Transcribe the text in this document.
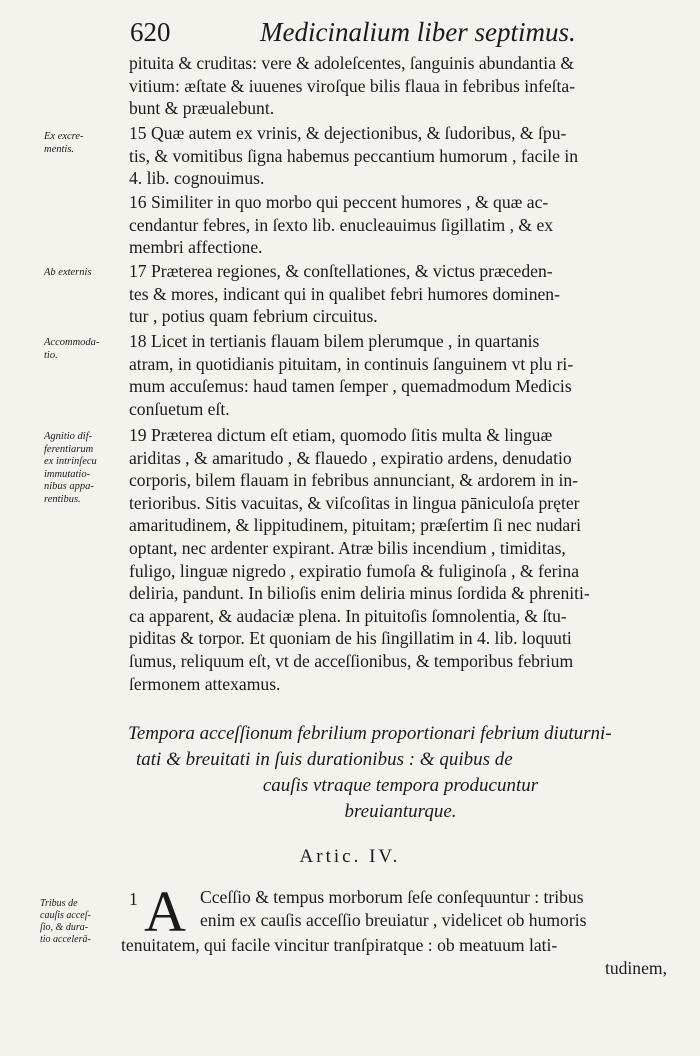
620	Medicinalium liber septimus.
pituita & cruditas: vere & adoleſcentes, ſanguinis abundantia &
vitium: æſtate & iuuenes viroſque bilis flaua in febribus infeſta-
bunt & præualebunt.
Ex excre-
mentis.
15 Quæ autem ex vrinis, & dejectionibus, & ſudoribus, & ſpu-
tis, & vomitibus ſigna habemus peccantium humorum , facile in
4. lib. cognouimus.
16 Similiter in quo morbo qui peccent humores , & quæ ac-
cendantur febres, in ſexto lib. enucleauimus ſigillatim , & ex
membri affectione.
Ab externis	17 Præterea regiones, & conſtellationes, & victus præceden-
tes & mores, indicant qui in qualibet febri humores dominen-
tur , potius quam febrium circuitus.
Accommoda-
tio.
18 Licet in tertianis flauam bilem plerumque , in quartanis
atram, in quotidianis pituitam, in continuis ſanguinem vt plu ri-
mum accuſemus: haud tamen ſemper , quemadmodum Medicis
conſuetum eſt.
Agnitio dif-
ferentiarum
ex intrinſecu
immutatio-
nibus appa-
rentibus.
19 Præterea dictum eſt etiam, quomodo ſitis multa & linguæ
ariditas , & amaritudo , & flauedo , expiratio ardens, denudatio
corporis, bilem flauam in febribus annunciant, & ardorem in in-
terioribus. Sitis vacuitas, & viſcoſitas in lingua pāniculoſa pręter
amaritudinem, & lippitudinem, pituitam; præſertim ſi nec nudari
optant, nec ardenter expirant. Atræ bilis incendium , timiditas,
fuligo, linguæ nigredo , expiratio fumoſa & fuliginoſa , & ferina
deliria, pandunt. In bilioſis enim deliria minus ſordida & phreniti-
ca apparent, & audaciæ plena. In pituitoſis ſomnolentia, & ſtu-
piditas & torpor. Et quoniam de his ſingillatim in 4. lib. loquuti
ſumus, reliquum eſt, vt de acceſſionibus, & temporibus febrium
ſermonem attexamus.
Tempora acceſſionum febrilium proportionari febrium diuturni-
tati & breuitati in ſuis durationibus : & quibus de
cauſis vtraque tempora producuntur
breuianturque.
Artic. IV.
Tribus de
cauſis acceſ-
ſio, & dura-
tio accelerā-
1 A Cceſſio & tempus morborum ſeſe conſequuntur : tribus
enim ex cauſis acceſſio breuiatur , videlicet ob humoris
tenuitatem, qui facile vincitur tranſpiratque : ob meatuum lati-
tudinem,
